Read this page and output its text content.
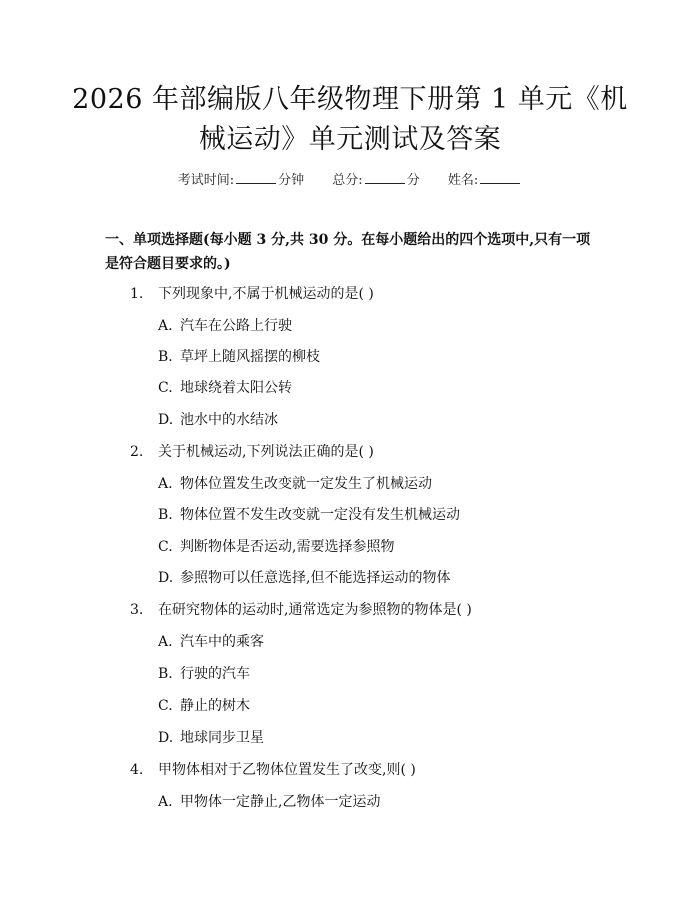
2026 年部编版八年级物理下册第 1 单元《机
械运动》单元测试及答案
考试时间:	分钟 总分:	分 姓名:
一、单项选择题(每小题 3 分,共 30 分。在每小题给出的四个选项中,只有一项
是符合题目要求的。)
1. 下列现象中,不属于机械运动的是( )
A. 汽车在公路上行驶
B. 草坪上随风摇摆的柳枝
C. 地球绕着太阳公转
D. 池水中的水结冰
2. 关于机械运动,下列说法正确的是( )
A. 物体位置发生改变就一定发生了机械运动
B. 物体位置不发生改变就一定没有发生机械运动
C. 判断物体是否运动,需要选择参照物
D. 参照物可以任意选择,但不能选择运动的物体
3. 在研究物体的运动时,通常选定为参照物的物体是( )
A. 汽车中的乘客
B. 行驶的汽车
C. 静止的树木
D. 地球同步卫星
4. 甲物体相对于乙物体位置发生了改变,则( )
A. 甲物体一定静止,乙物体一定运动
